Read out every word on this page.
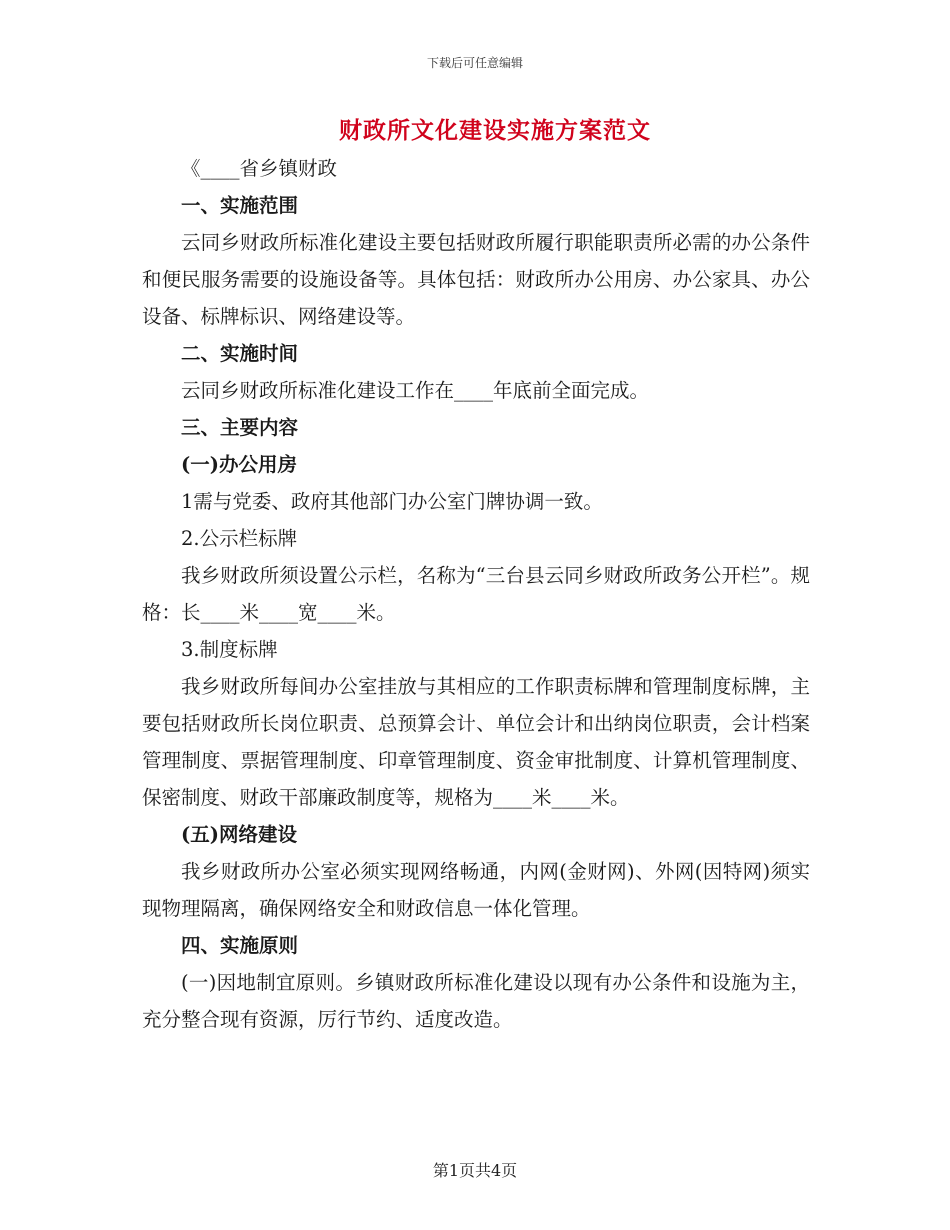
下载后可任意编辑
财政所文化建设实施方案范文

《____省乡镇财政

一、实施范围

云同乡财政所标准化建设主要包括财政所履行职能职责所必需的办公条件和便民服务需要的设施设备等。具体包括：财政所办公用房、办公家具、办公设备、标牌标识、网络建设等。

二、实施时间

云同乡财政所标准化建设工作在____年底前全面完成。

三、主要内容

(一)办公用房

1需与党委、政府其他部门办公室门牌协调一致。

2.公示栏标牌

我乡财政所须设置公示栏，名称为“三台县云同乡财政所政务公开栏”。规格：长____米____宽____米。

3.制度标牌

我乡财政所每间办公室挂放与其相应的工作职责标牌和管理制度标牌，主要包括财政所长岗位职责、总预算会计、单位会计和出纳岗位职责，会计档案管理制度、票据管理制度、印章管理制度、资金审批制度、计算机管理制度、保密制度、财政干部廉政制度等，规格为____米____米。

(五)网络建设

我乡财政所办公室必须实现网络畅通，内网(金财网)、外网(因特网)须实现物理隔离，确保网络安全和财政信息一体化管理。

四、实施原则

(一)因地制宜原则。乡镇财政所标准化建设以现有办公条件和设施为主，充分整合现有资源，厉行节约、适度改造。

第1页共4页
